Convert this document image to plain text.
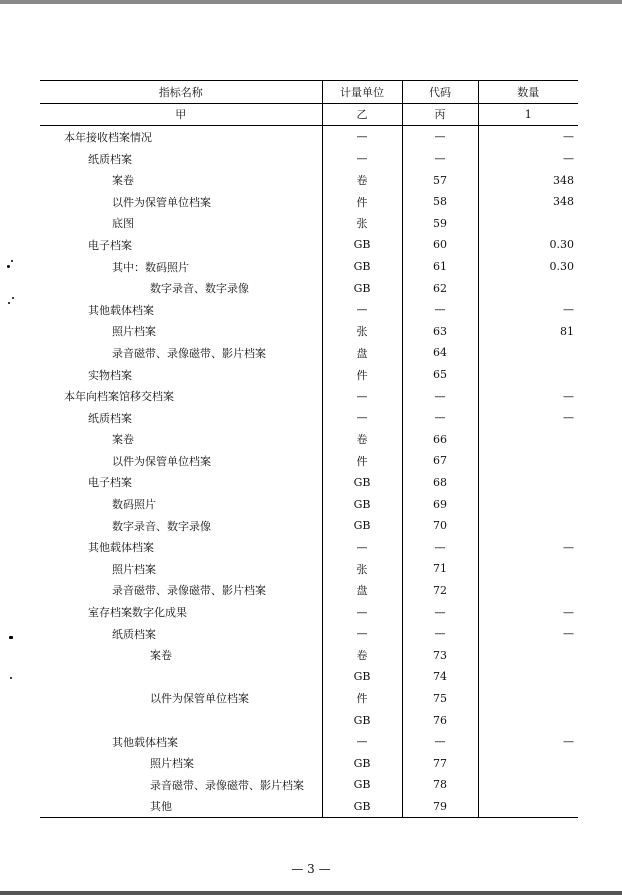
指标名称	计量单位	代码	数量
甲	乙	丙	1
本年接收档案情况	—	—	—
纸质档案	—	—	—
案卷	卷	57	348
以件为保管单位档案	件	58	348
底图	张	59	
电子档案	GB	60	0.30
其中：数码照片	GB	61	0.30
数字录音、数字录像	GB	62	
其他载体档案	—	—	—
照片档案	张	63	81
录音磁带、录像磁带、影片档案	盘	64	
实物档案	件	65	
本年向档案馆移交档案	—	—	—
纸质档案	—	—	—
案卷	卷	66	
以件为保管单位档案	件	67	
电子档案	GB	68	
数码照片	GB	69	
数字录音、数字录像	GB	70	
其他载体档案	—	—	—
照片档案	张	71	
录音磁带、录像磁带、影片档案	盘	72	
室存档案数字化成果	—	—	—
纸质档案	—	—	—
案卷	卷	73	
	GB	74	
以件为保管单位档案	件	75	
	GB	76	
其他载体档案	—	—	—
照片档案	GB	77	
录音磁带、录像磁带、影片档案	GB	78	
其他	GB	79	
— 3 —
